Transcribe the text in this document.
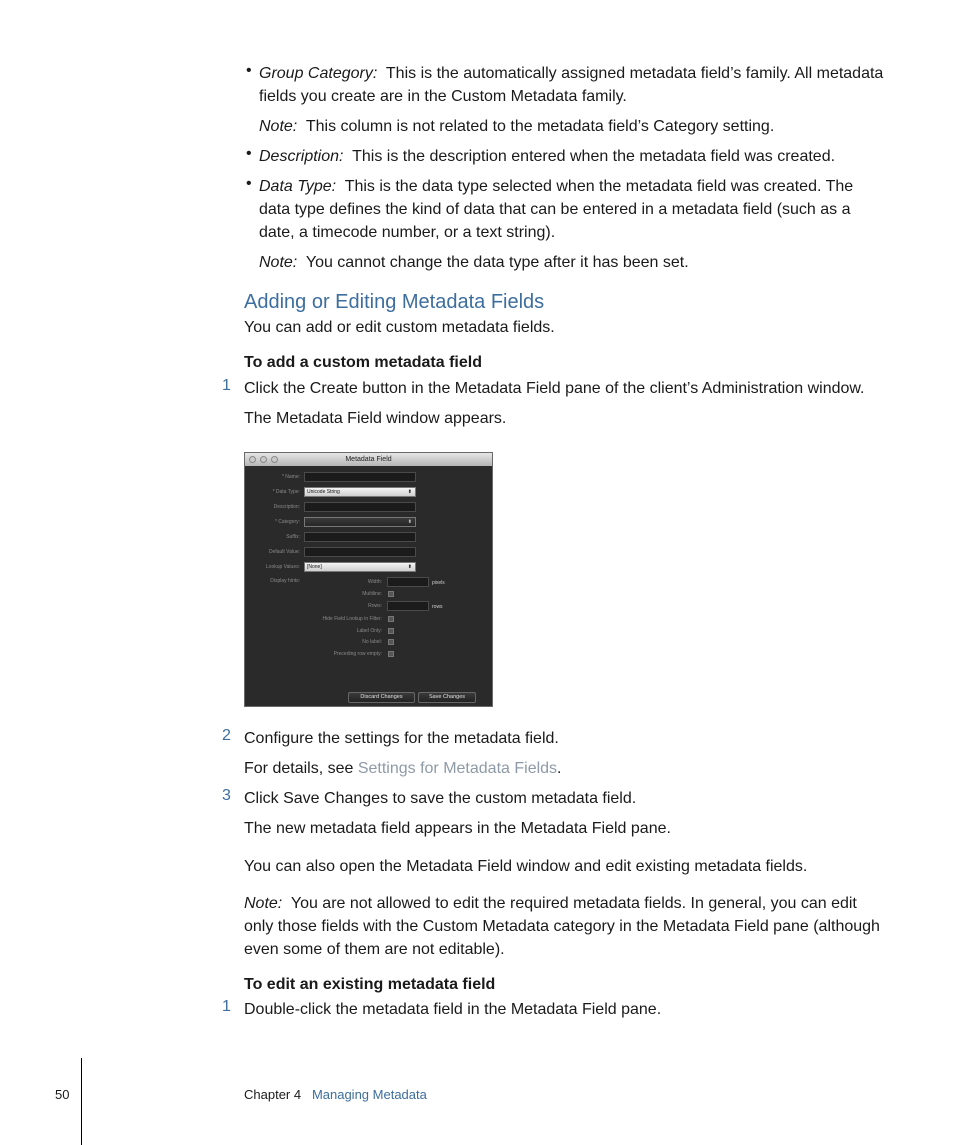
• Group Category: This is the automatically assigned metadata field’s family. All metadata
fields you create are in the Custom Metadata family.
Note: This column is not related to the metadata field’s Category setting.
• Description: This is the description entered when the metadata field was created.
• Data Type: This is the data type selected when the metadata field was created. The
data type defines the kind of data that can be entered in a metadata field (such as a
date, a timecode number, or a text string).
Note: You cannot change the data type after it has been set.
Adding or Editing Metadata Fields
You can add or edit custom metadata fields.
To add a custom metadata field
1 Click the Create button in the Metadata Field pane of the client’s Administration window.
The Metadata Field window appears.
Metadata Field
* Name:
* Data Type:	Unicode String	⬍
Description:
* Category:	⬍
Suffix:
Default Value:
Lookup Values:	[None]	⬍
Display hints:	Width:	pixels
Multiline:
Rows:	rows
Hide Field Lookup in Filter:
Label Only:
No label:
Preceding row empty:
Discard Changes	Save Changes
2 Configure the settings for the metadata field.
For details, see Settings for Metadata Fields.
3 Click Save Changes to save the custom metadata field.
The new metadata field appears in the Metadata Field pane.
You can also open the Metadata Field window and edit existing metadata fields.
Note: You are not allowed to edit the required metadata fields. In general, you can edit
only those fields with the Custom Metadata category in the Metadata Field pane (although
even some of them are not editable).
To edit an existing metadata field
1 Double-click the metadata field in the Metadata Field pane.
50	Chapter 4 Managing Metadata
